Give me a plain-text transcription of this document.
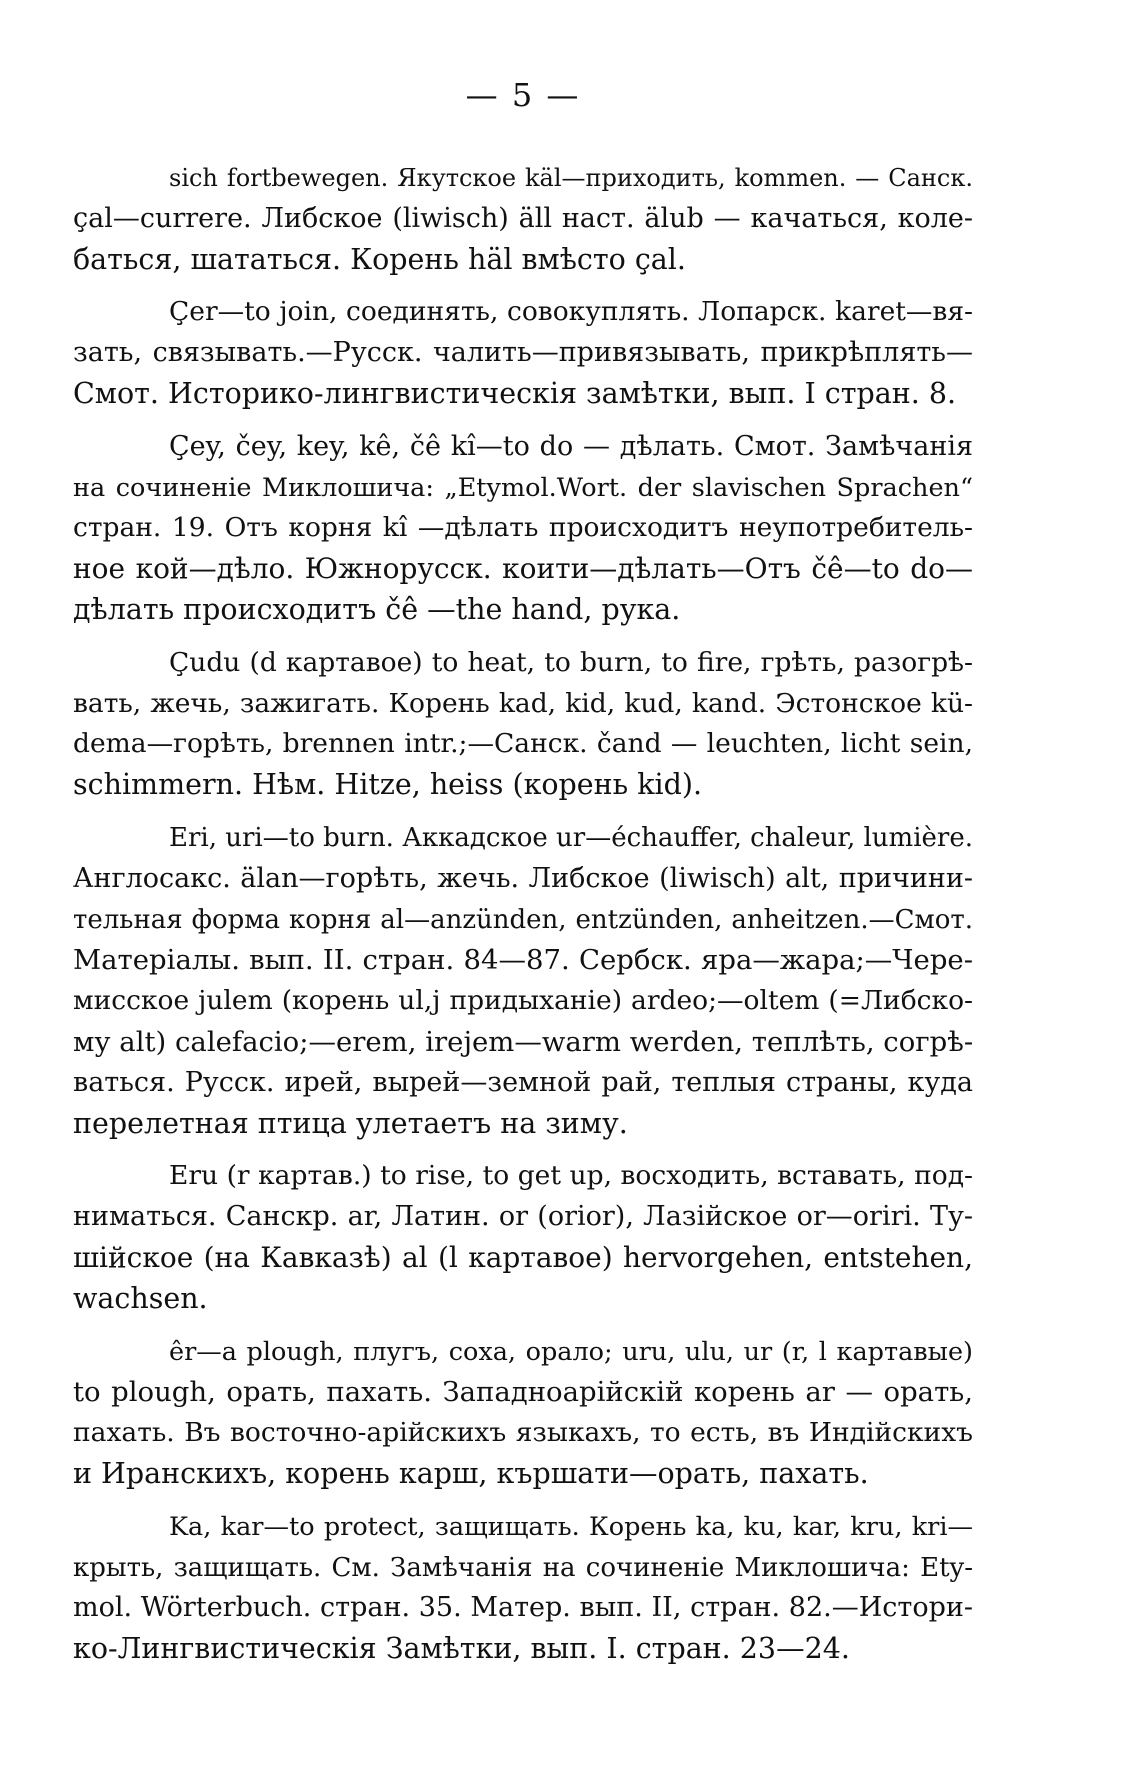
— 5 —
sich fortbewegen. Якутское käl—приходить, kommen. — Санск.
çal—currere. Либское (liwisch) äll наст. älub — качаться, коле-
баться, шататься. Корень häl вмѣсто çal.
Çer—to join, соединять, совокуплять. Лопарск. karet—вя-
зать, связывать.—Русск. чалить—привязывать, прикрѣплять—
Смот. Историко-лингвистическія замѣтки, вып. I стран. 8.
Çey, čey, key, kê, čê kî—to do — дѣлать. Смот. Замѣчанія
на сочиненіе Миклошича: „Etymol.Wort. der slavischen Sprachen“
стран. 19. Отъ корня kî —дѣлать происходитъ неупотребитель-
ное кой—дѣло. Южнорусск. коити—дѣлать—Отъ čê—to do—
дѣлать происходитъ čê —the hand, рука.
Çudu (d картавое) to heat, to burn, to fire, грѣть, разогрѣ-
вать, жечь, зажигать. Корень kad, kid, kud, kand. Эстонское kü-
dema—горѣть, brennen intr.;—Санск. čand — leuchten, licht sein,
schimmern. Нѣм. Hitze, heiss (корень kid).
Eri, uri—to burn. Аккадское ur—échauffer, chaleur, lumière.
Англосакс. älan—горѣть, жечь. Либское (liwisch) alt, причини-
тельная форма корня al—anzünden, entzünden, anheitzen.—Смот.
Матеріалы. вып. II. стран. 84—87. Сербск. яра—жара;—Чере-
мисское julem (корень ul,j придыханіе) ardeo;—oltem (=Либско-
му alt) calefacio;—erem, irejem—warm werden, теплѣть, согрѣ-
ваться. Русск. ирей, вырей—земной рай, теплыя страны, куда
перелетная птица улетаетъ на зиму.
Eru (r картав.) to rise, to get up, восходить, вставать, под-
ниматься. Санскр. ar, Латин. or (orior), Лазійское or—oriri. Ту-
шійское (на Кавказѣ) al (l картавое) hervorgehen, entstehen,
wachsen.
êr—a plough, плугъ, соха, орало; uru, ulu, ur (r, l картавые)
to plough, орать, пахать. Западноарійскій корень ar — орать,
пахать. Въ восточно-арійскихъ языкахъ, то есть, въ Индійскихъ
и Иранскихъ, корень карш, кършати—орать, пахать.
Ka, kar—to protect, защищать. Корень ka, ku, kar, kru, kri—
крыть, защищать. См. Замѣчанія на сочиненіе Миклошича: Ety-
mol. Wörterbuch. стран. 35. Матер. вып. II, стран. 82.—Истори-
ко-Лингвистическія Замѣтки, вып. I. стран. 23—24.
